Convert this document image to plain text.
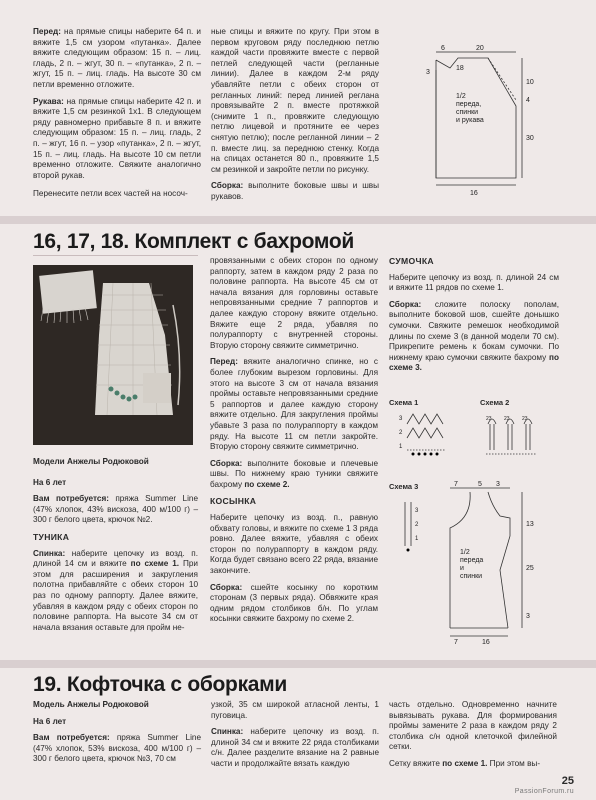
Перед: на прямые спицы наберите 64 п. и вяжите 1,5 см узором «путанка». Далее вяжите следующим образом: 15 п. – лиц. гладь, 2 п. – жгут, 30 п. – «путанка», 2 п. – жгут, 15 п. – лиц. гладь. На высоте 30 см петли временно отложите.

Рукава: на прямые спицы наберите 42 п. и вяжите 1,5 см резинкой 1х1. В следующем ряду равномерно прибавьте 8 п. и вяжите следующим образом: 15 п. – лиц. гладь, 2 п. – жгут, 16 п. – узор «путанка», 2 п. – жгут, 15 п. – лиц. гладь. На высоте 10 см петли временно отложите. Свяжите аналогично второй рукав.

Перенесите петли всех частей на носоч-

ные спицы и вяжите по кругу. При этом в первом круговом ряду последнюю петлю каждой части провяжите вместе с первой петлей следующей части (регланные линии). Далее в каждом 2-м ряду убавляйте петли с обеих сторон от регланных линий: перед линией реглана провязывайте 2 п. вместе протяжкой (снимите 1 п., провяжите следующую петлю лицевой и протяните ее через снятую петлю); после регланной линии – 2 п. вместе лиц. за переднюю стенку. Когда на спицах останется 80 п., провяжите 1,5 см резинкой и закройте петли по рисунку.

Сборка: выполните боковые швы и швы рукавов.

6	20
18
3
10
4
30
16
1/2
переда,
спинки
и рукава
16, 17, 18. Комплект с бахромой

Модели Анжелы Родюковой

На 6 лет

Вам потребуется: пряжа Summer Line (47% хлопок, 43% вискоза, 400 м/100 г) – 300 г белого цвета, крючок №2.

ТУНИКА

Спинка: наберите цепочку из возд. п. длиной 14 см и вяжите по схеме 1. При этом для расширения и закругления полотна прибавляйте с обеих сторон 10 раз по одному раппорту. Далее вяжите, убавляя в каждом ряду с обеих сторон по половине раппорта. На высоте 34 см от начала вязания оставьте для пройм не-

провязанными с обеих сторон по одному раппорту, затем в каждом ряду 2 раза по половине раппорта. На высоте 45 см от начала вязания для горловины оставьте непровязанными средние 7 раппортов и далее каждую сторону вяжите отдельно. Вяжите еще 2 ряда, убавляя по полураппорту с внутренней стороны. Вторую сторону свяжите симметрично.

Перед: вяжите аналогично спинке, но с более глубоким вырезом горловины. Для этого на высоте 3 см от начала вязания проймы оставьте непровязанными средние 5 раппортов и далее каждую сторону вяжите отдельно. Для закругления проймы убавьте 3 раза по полураппорту в каждом ряду. На высоте 11 см петли закройте. Вторую сторону свяжите симметрично.

Сборка: выполните боковые и плечевые швы. По нижнему краю туники свяжите бахрому по схеме 2.

КОСЫНКА

Наберите цепочку из возд. п., равную обхвату головы, и вяжите по схеме 1 3 ряда ровно. Далее вяжите, убавляя с обеих сторон по полураппорту в каждом ряду. Когда будет связано всего 22 ряда, вязание закончите.

Сборка: сшейте косынку по коротким сторонам (3 первых ряда). Обвяжите края одним рядом столбиков б/н. По углам косынки свяжите бахрому по схеме 2.

СУМОЧКА

Наберите цепочку из возд. п. длиной 24 см и вяжите 11 рядов по схеме 1.

Сборка: сложите полоску пополам, выполните боковой шов, сшейте донышко сумочки. Свяжите ремешок необходимой длины по схеме 3 (в данной модели 70 см). Прикрепите ремень к бокам сумочки. По нижнему краю сумочки свяжите бахрому по схеме 3.

Схема 1
3
2
1
Схема 2
23 23 23
Схема 3
3
2
1
7	5 3
13
25
3
7	16
1/2
переда
и
спинки
19. Кофточка с оборками

Модель Анжелы Родюковой

На 6 лет

Вам потребуется: пряжа Summer Line (47% хлопок, 53% вискоза, 400 м/100 г) – 300 г белого цвета, крючок №3, 70 см

узкой, 35 см широкой атласной ленты, 1 пуговица.

Спинка: наберите цепочку из возд. п. длиной 34 см и вяжите 22 ряда столбиками с/н. Далее разделите вязание на 2 равные части и продолжайте вязать каждую

часть отдельно. Одновременно начните вывязывать рукава. Для формирования проймы замените 2 раза в каждом ряду 2 столбика с/н одной клеточкой филейной сетки.

Сетку вяжите по схеме 1. При этом вы-

25
PassionForum.ru
